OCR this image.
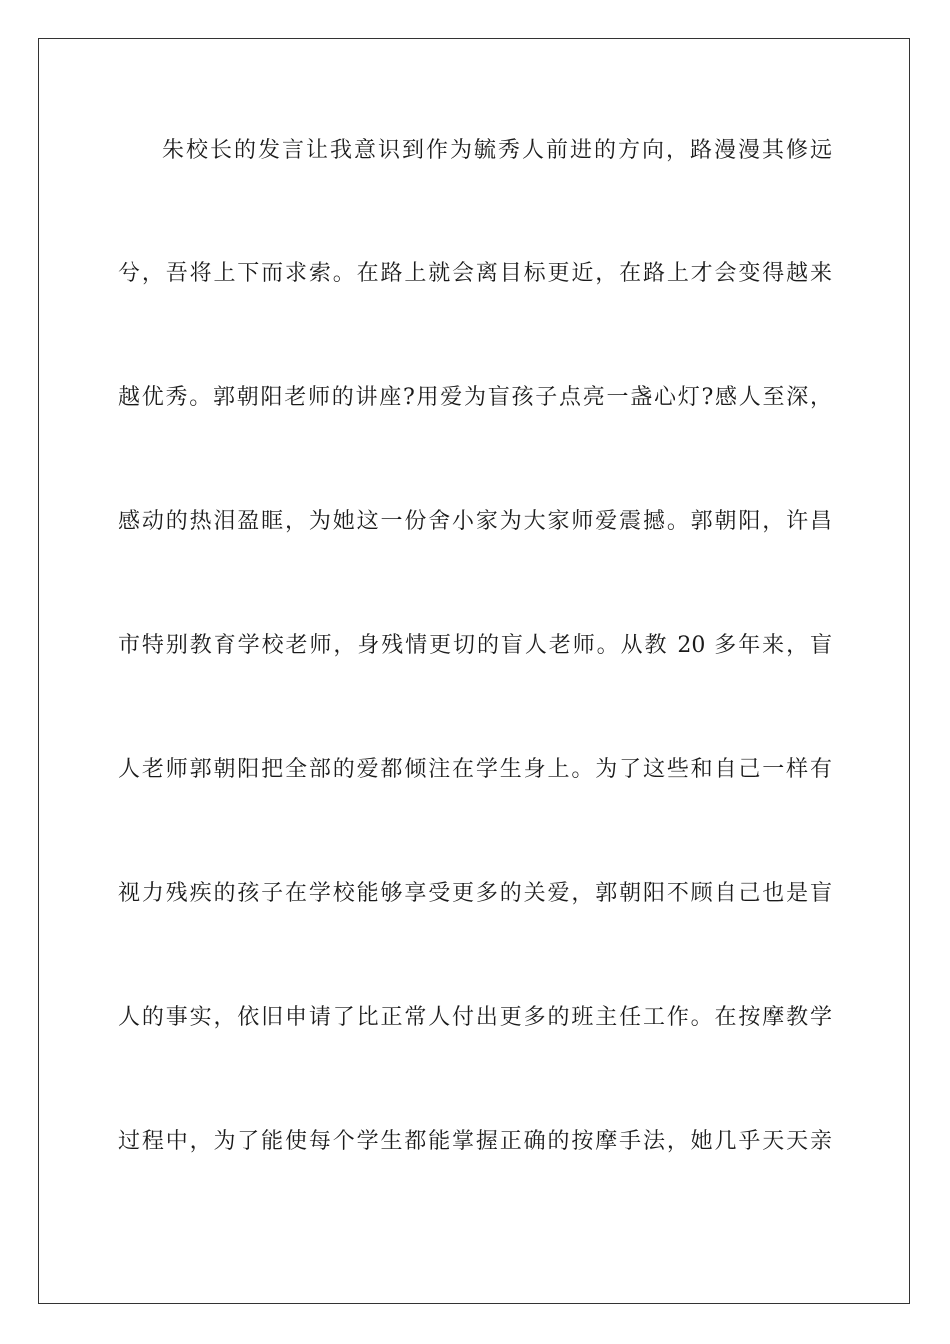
朱校长的发言让我意识到作为毓秀人前进的方向，路漫漫其修远

兮，吾将上下而求索。在路上就会离目标更近，在路上才会变得越来

越优秀。郭朝阳老师的讲座?用爱为盲孩子点亮一盏心灯?感人至深，

感动的热泪盈眶，为她这一份舍小家为大家师爱震撼。郭朝阳，许昌

市特别教育学校老师，身残情更切的盲人老师。从教 20 多年来，盲

人老师郭朝阳把全部的爱都倾注在学生身上。为了这些和自己一样有

视力残疾的孩子在学校能够享受更多的关爱，郭朝阳不顾自己也是盲

人的事实，依旧申请了比正常人付出更多的班主任工作。在按摩教学

过程中，为了能使每个学生都能掌握正确的按摩手法，她几乎天天亲
